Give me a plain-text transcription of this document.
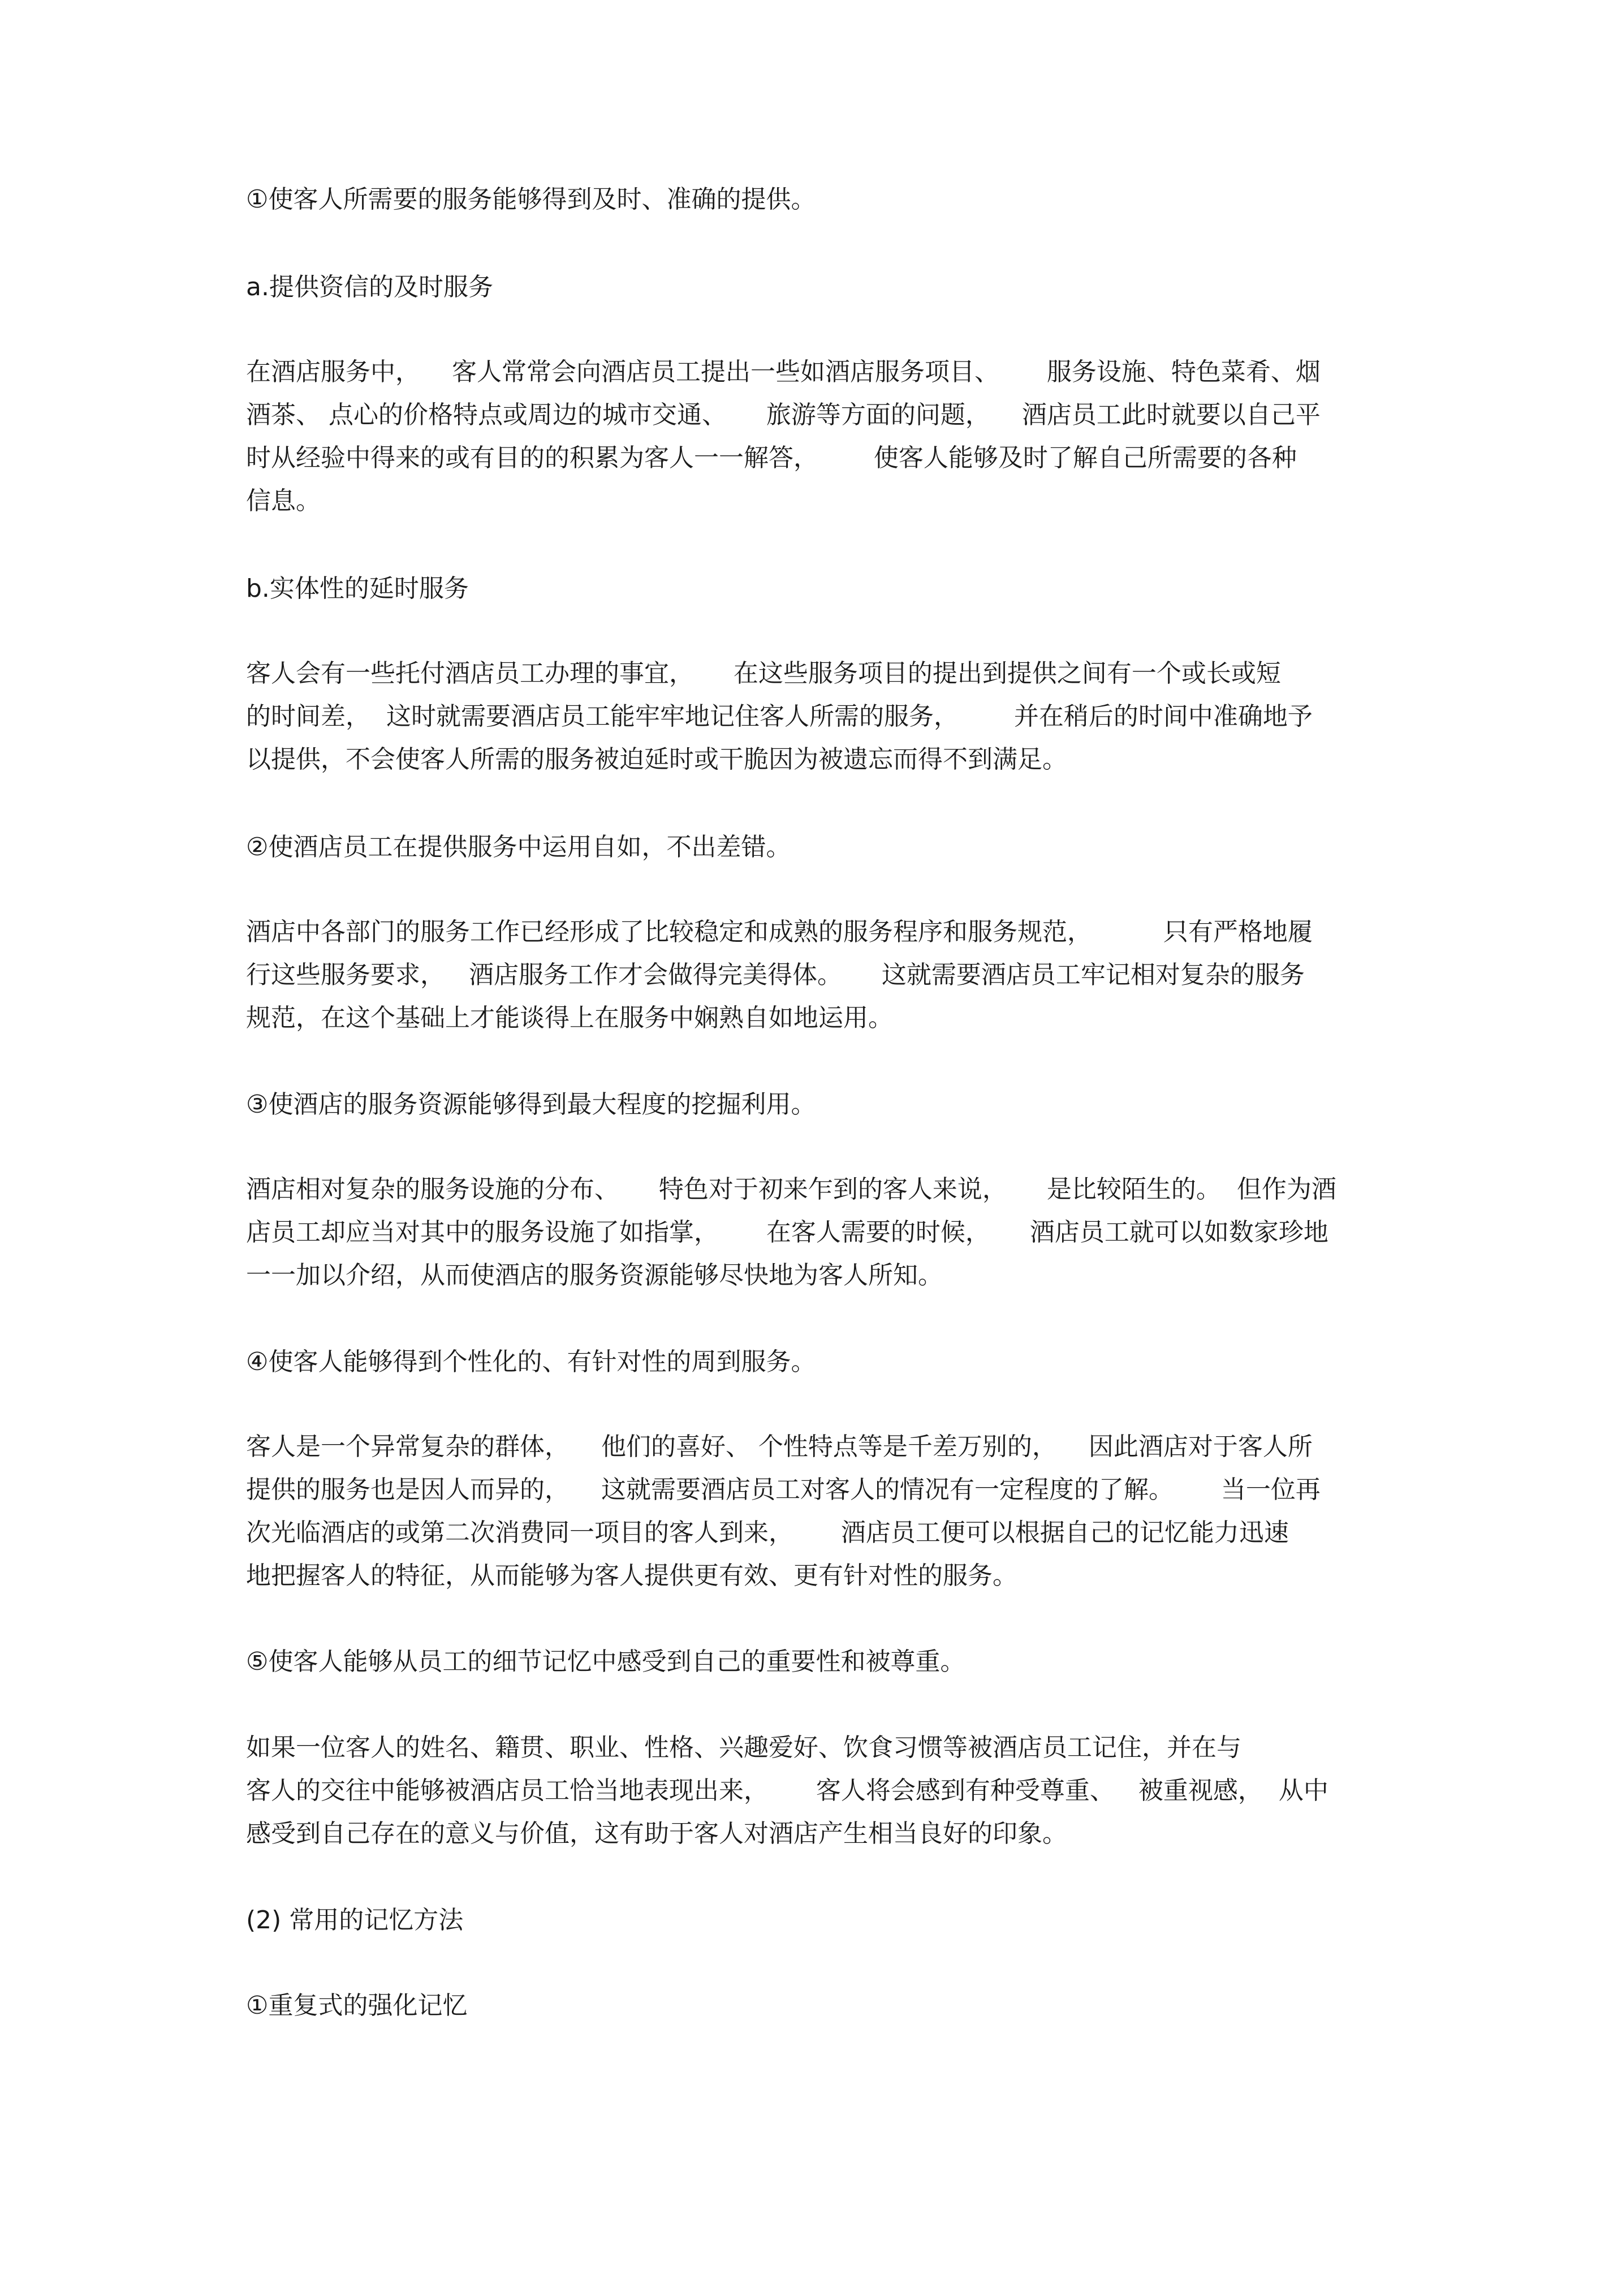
①使客人所需要的服务能够得到及时、准确的提供。
a.提供资信的及时服务
在酒店服务中，    客人常常会向酒店员工提出一些如酒店服务项目、      服务设施、特色菜肴、烟
酒茶、 点心的价格特点或周边的城市交通、     旅游等方面的问题，    酒店员工此时就要以自己平
时从经验中得来的或有目的的积累为客人一一解答，       使客人能够及时了解自己所需要的各种
信息。
b.实体性的延时服务
客人会有一些托付酒店员工办理的事宜，     在这些服务项目的提出到提供之间有一个或长或短
的时间差，  这时就需要酒店员工能牢牢地记住客人所需的服务，       并在稍后的时间中准确地予
以提供，不会使客人所需的服务被迫延时或干脆因为被遗忘而得不到满足。
②使酒店员工在提供服务中运用自如，不出差错。
酒店中各部门的服务工作已经形成了比较稳定和成熟的服务程序和服务规范，         只有严格地履
行这些服务要求，   酒店服务工作才会做得完美得体。     这就需要酒店员工牢记相对复杂的服务
规范，在这个基础上才能谈得上在服务中娴熟自如地运用。
③使酒店的服务资源能够得到最大程度的挖掘利用。
酒店相对复杂的服务设施的分布、     特色对于初来乍到的客人来说，     是比较陌生的。  但作为酒
店员工却应当对其中的服务设施了如指掌，      在客人需要的时候，     酒店员工就可以如数家珍地
一一加以介绍，从而使酒店的服务资源能够尽快地为客人所知。
④使客人能够得到个性化的、有针对性的周到服务。
客人是一个异常复杂的群体，    他们的喜好、 个性特点等是千差万别的，    因此酒店对于客人所
提供的服务也是因人而异的，    这就需要酒店员工对客人的情况有一定程度的了解。      当一位再
次光临酒店的或第二次消费同一项目的客人到来，      酒店员工便可以根据自己的记忆能力迅速
地把握客人的特征，从而能够为客人提供更有效、更有针对性的服务。
⑤使客人能够从员工的细节记忆中感受到自己的重要性和被尊重。
如果一位客人的姓名、籍贯、职业、性格、兴趣爱好、饮食习惯等被酒店员工记住，并在与
客人的交往中能够被酒店员工恰当地表现出来，      客人将会感到有种受尊重、   被重视感，  从中
感受到自己存在的意义与价值，这有助于客人对酒店产生相当良好的印象。
(2) 常用的记忆方法
①重复式的强化记忆
